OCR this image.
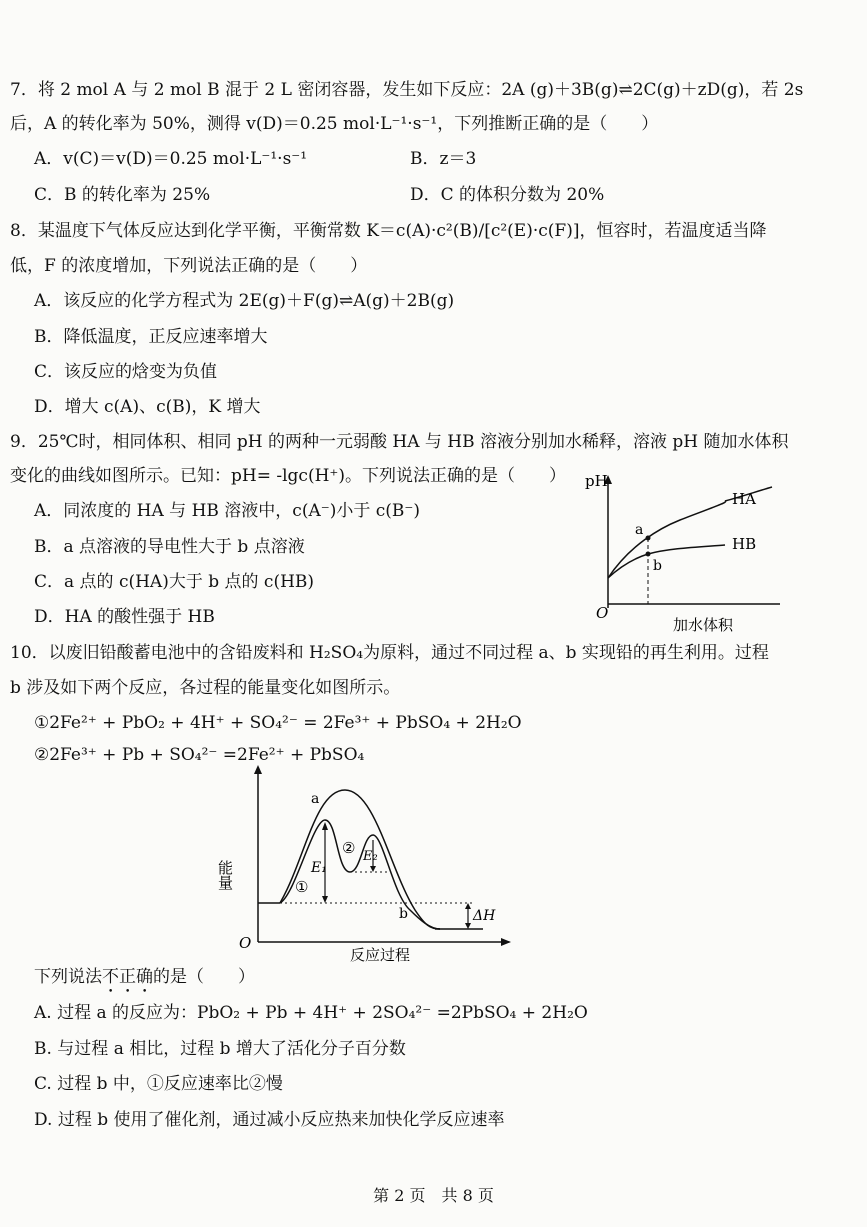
7．将 2 mol A 与 2 mol B 混于 2 L 密闭容器，发生如下反应：2A (g)＋3B(g)⇌2C(g)＋zD(g)，若 2s
后，A 的转化率为 50%，测得 v(D)＝0.25 mol·L⁻¹·s⁻¹，下列推断正确的是（　　）
A．v(C)＝v(D)＝0.25 mol·L⁻¹·s⁻¹	B．z＝3
C．B 的转化率为 25%	D．C 的体积分数为 20%
8．某温度下气体反应达到化学平衡，平衡常数 K＝c(A)·c²(B)/[c²(E)·c(F)]，恒容时，若温度适当降
低，F 的浓度增加，下列说法正确的是（　　）
A．该反应的化学方程式为 2E(g)＋F(g)⇌A(g)＋2B(g)
B．降低温度，正反应速率增大
C．该反应的焓变为负值
D．增大 c(A)、c(B)，K 增大
9．25℃时，相同体积、相同 pH 的两种一元弱酸 HA 与 HB 溶液分别加水稀释，溶液 pH 随加水体积
变化的曲线如图所示。已知：pH= -lgc(H⁺)。下列说法正确的是（　　）
A．同浓度的 HA 与 HB 溶液中，c(A⁻)小于 c(B⁻)
B．a 点溶液的导电性大于 b 点溶液
C．a 点的 c(HA)大于 b 点的 c(HB)
D．HA 的酸性强于 HB
pH
O
加水体积
HA
HB
a
b
10．以废旧铅酸蓄电池中的含铅废料和 H₂SO₄为原料，通过不同过程 a、b 实现铅的再生利用。过程
b 涉及如下两个反应，各过程的能量变化如图所示。
①2Fe²⁺ + PbO₂ + 4H⁺ + SO₄²⁻ = 2Fe³⁺ + PbSO₄ + 2H₂O
②2Fe³⁺ + Pb + SO₄²⁻ =2Fe²⁺ + PbSO₄
能量
O
反应过程
a
b
E₁
E₂
①
②
ΔH
下列说法不正确的是（　　）
A. 过程 a 的反应为：PbO₂ + Pb + 4H⁺ + 2SO₄²⁻ =2PbSO₄ + 2H₂O
B. 与过程 a 相比，过程 b 增大了活化分子百分数
C. 过程 b 中，①反应速率比②慢
D. 过程 b 使用了催化剂，通过减小反应热来加快化学反应速率
第 2 页　共 8 页
